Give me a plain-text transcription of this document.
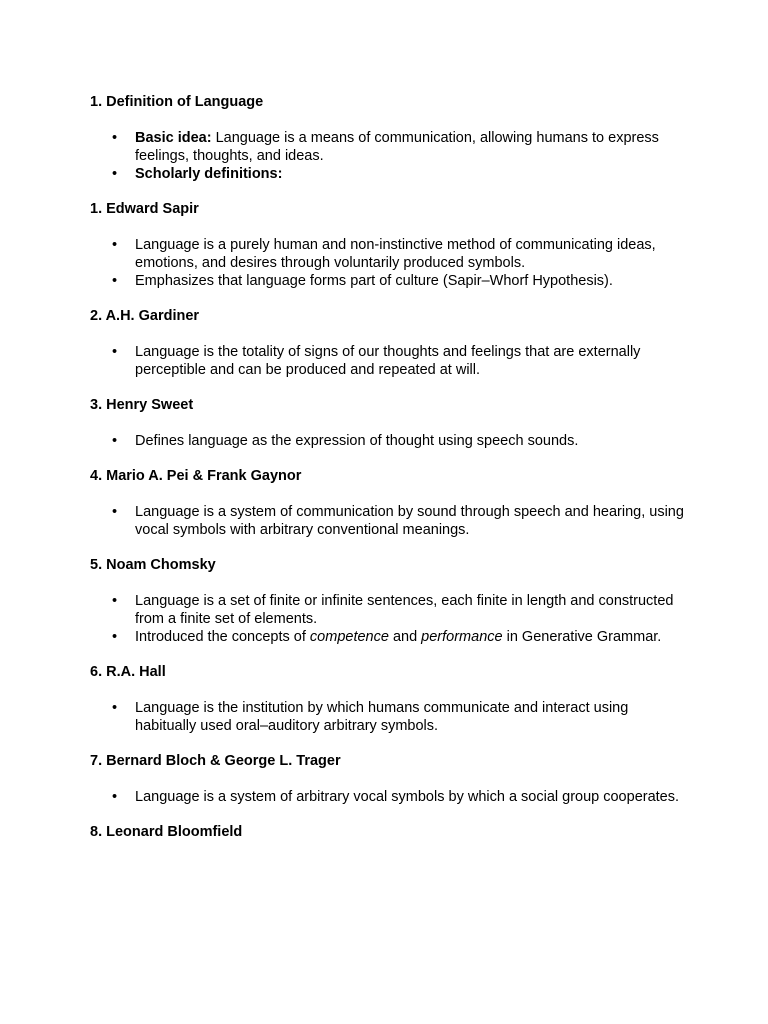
1. Definition of Language

• Basic idea: Language is a means of communication, allowing humans to express feelings, thoughts, and ideas.
• Scholarly definitions:

1. Edward Sapir

• Language is a purely human and non-instinctive method of communicating ideas, emotions, and desires through voluntarily produced symbols.
• Emphasizes that language forms part of culture (Sapir–Whorf Hypothesis).

2. A.H. Gardiner

• Language is the totality of signs of our thoughts and feelings that are externally perceptible and can be produced and repeated at will.

3. Henry Sweet

• Defines language as the expression of thought using speech sounds.

4. Mario A. Pei & Frank Gaynor

• Language is a system of communication by sound through speech and hearing, using vocal symbols with arbitrary conventional meanings.

5. Noam Chomsky

• Language is a set of finite or infinite sentences, each finite in length and constructed from a finite set of elements.
• Introduced the concepts of competence and performance in Generative Grammar.

6. R.A. Hall

• Language is the institution by which humans communicate and interact using habitually used oral–auditory arbitrary symbols.

7. Bernard Bloch & George L. Trager

• Language is a system of arbitrary vocal symbols by which a social group cooperates.

8. Leonard Bloomfield
